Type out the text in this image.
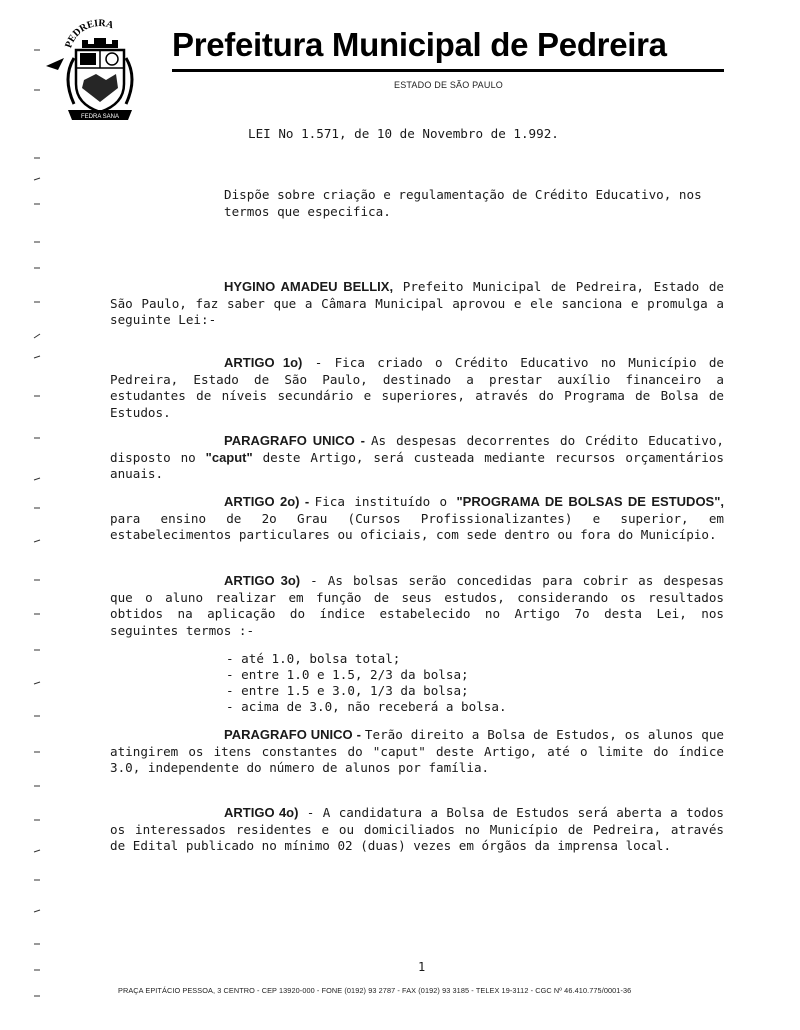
PEDREIRA
FEDRA SANA
Prefeitura Municipal de Pedreira
ESTADO DE SÃO PAULO
LEI No 1.571, de 10 de Novembro de 1.992.
Dispõe sobre criação e regulamentação de Crédito Educativo, nos termos que especifica.
HYGINO AMADEU BELLIX, Prefeito Municipal de Pedreira, Estado de São Paulo, faz saber que a Câmara Municipal aprovou e ele sanciona e promulga a seguinte Lei:-
ARTIGO 1o) - Fica criado o Crédito Educativo no Município de Pedreira, Estado de São Paulo, destinado a prestar auxílio financeiro a estudantes de níveis secundário e superiores, através do Programa de Bolsa de Estudos.
PARAGRAFO UNICO - As despesas decorrentes do Crédito Educativo, disposto no "caput" deste Artigo, será custeada mediante recursos orçamentários anuais.
ARTIGO 2o) - Fica instituído o "PROGRAMA DE BOLSAS DE ESTUDOS", para ensino de 2o Grau (Cursos Profissionalizantes) e superior, em estabelecimentos particulares ou oficiais, com sede dentro ou fora do Município.
ARTIGO 3o) - As bolsas serão concedidas para cobrir as despesas que o aluno realizar em função de seus estudos, considerando os resultados obtidos na aplicação do índice estabelecido no Artigo 7o desta Lei, nos seguintes termos :-
- até 1.0, bolsa total;
- entre 1.0 e 1.5, 2/3 da bolsa;
- entre 1.5 e 3.0, 1/3 da bolsa;
- acima de 3.0, não receberá a bolsa.
PARAGRAFO UNICO - Terão direito a Bolsa de Estudos, os alunos que atingirem os itens constantes do "caput" deste Artigo, até o limite do índice 3.0, independente do número de alunos por família.
ARTIGO 4o) - A candidatura a Bolsa de Estudos será aberta a todos os interessados residentes e ou domiciliados no Município de Pedreira, através de Edital publicado no mínimo 02 (duas) vezes em órgãos da imprensa local.
1
PRAÇA EPITÁCIO PESSOA, 3 CENTRO - CEP 13920-000 - FONE (0192) 93 2787 - FAX (0192) 93 3185 - TELEX 19-3112 - CGC Nº 46.410.775/0001-36
